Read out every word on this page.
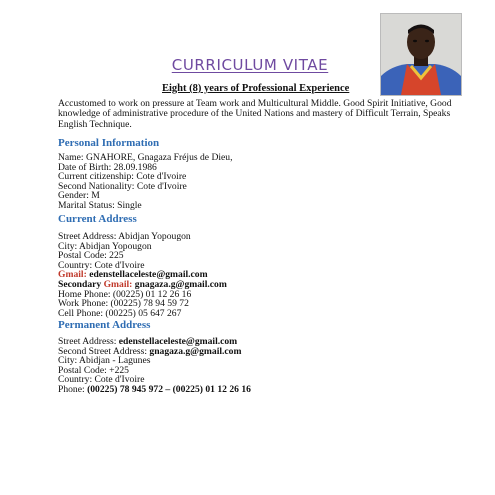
CURRICULUM VITAE
Eight (8) years of Professional Experience
Accustomed to work on pressure at Team work and Multicultural Middle. Good Spirit Initiative, Good knowledge of administrative procedure of the United Nations and mastery of Difficult Terrain, Speaks English Technique.
Personal Information
Name: GNAHORE, Gnagaza Fréjus de Dieu,
Date of Birth: 28.09.1986
Current citizenship: Cote d'Ivoire
Second Nationality: Cote d'Ivoire
Gender: M
Marital Status: Single
Current Address
Street Address: Abidjan Yopougon
City: Abidjan Yopougon
Postal Code: 225
Country: Cote d'Ivoire
Gmail: edenstellaceleste@gmail.com
Secondary Gmail: gnagaza.g@gmail.com
Home Phone: (00225) 01 12 26 16
Work Phone: (00225) 78 94 59 72
Cell Phone: (00225) 05 647 267
Permanent Address
Street Address: edenstellaceleste@gmail.com
Second Street Address: gnagaza.g@gmail.com
City: Abidjan - Lagunes
Postal Code: +225
Country: Cote d'Ivoire
Phone: (00225) 78 945 972 – (00225) 01 12 26 16
